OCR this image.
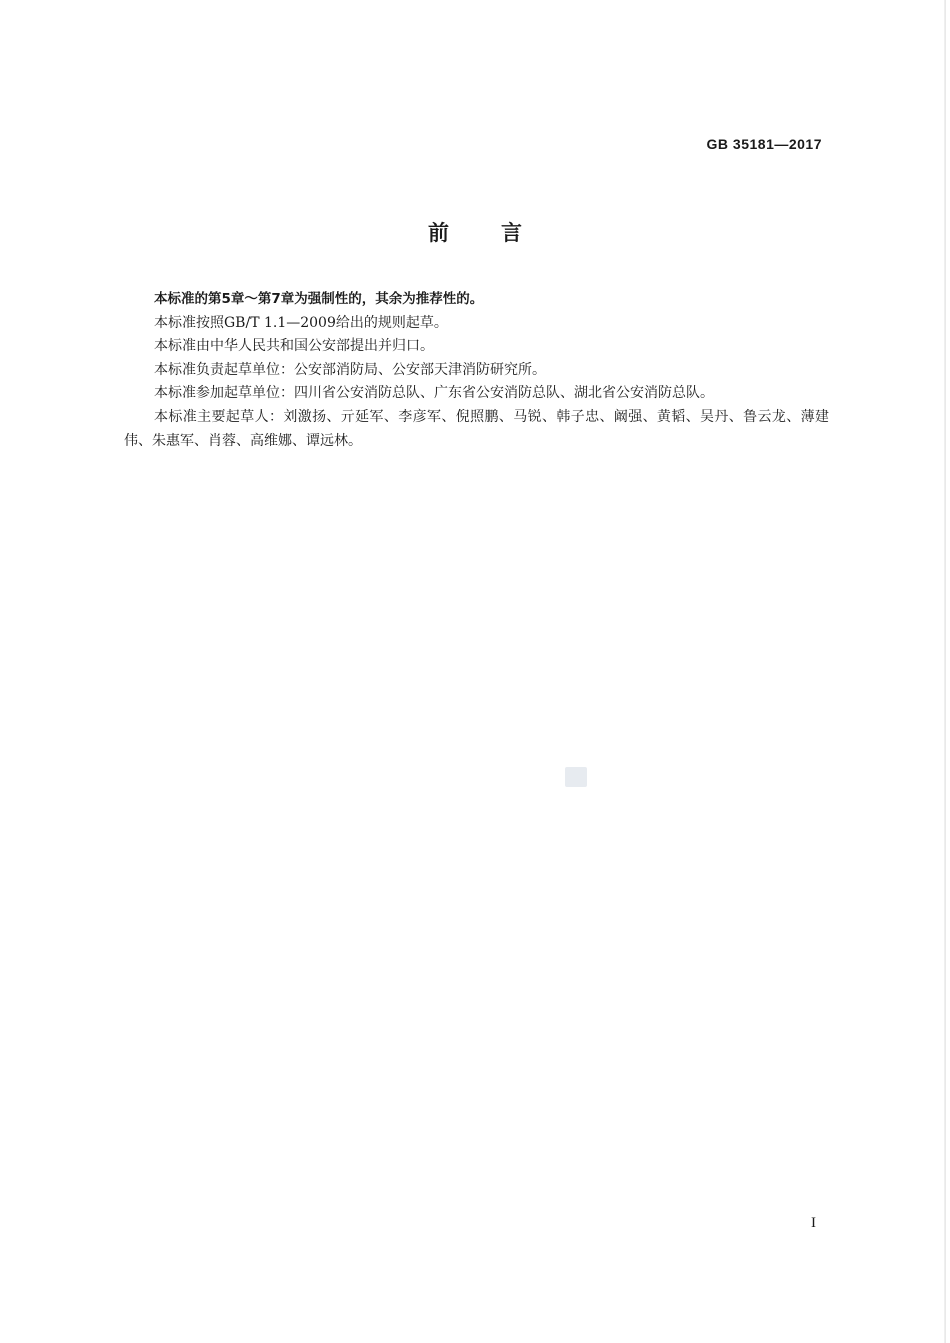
GB 35181—2017
前言

本标准的第5章～第7章为强制性的，其余为推荐性的。

本标准按照GB/T 1.1—2009给出的规则起草。

本标准由中华人民共和国公安部提出并归口。

本标准负责起草单位：公安部消防局、公安部天津消防研究所。

本标准参加起草单位：四川省公安消防总队、广东省公安消防总队、湖北省公安消防总队。

本标准主要起草人：刘激扬、亓延军、李彦军、倪照鹏、马锐、韩子忠、阚强、黄韬、吴丹、鲁云龙、薄建伟、朱惠军、肖蓉、高维娜、谭远林。

I
